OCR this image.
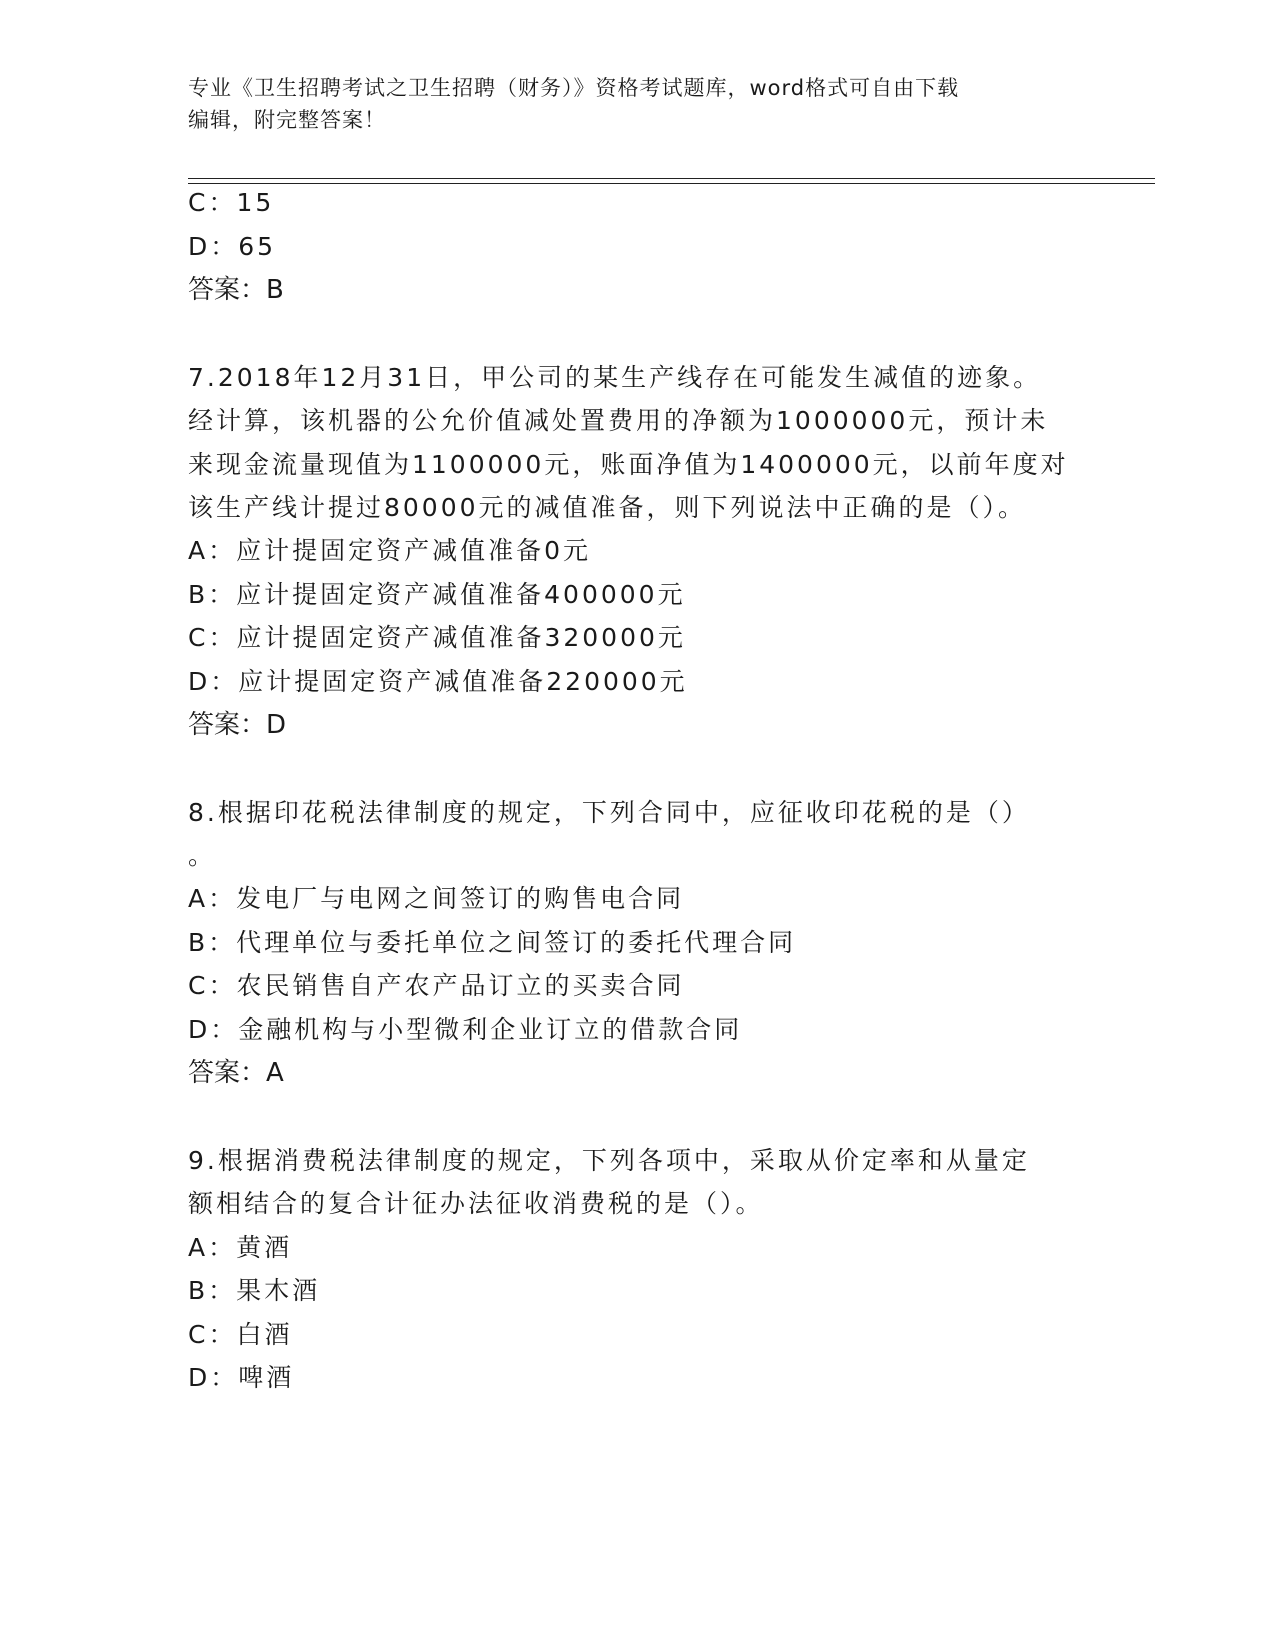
专业《卫生招聘考试之卫生招聘（财务）》资格考试题库，word格式可自由下载
编辑，附完整答案！
C：15
D：65
答案：B
7.2018年12月31日，甲公司的某生产线存在可能发生减值的迹象。
经计算，该机器的公允价值减处置费用的净额为1000000元，预计未
来现金流量现值为1100000元，账面净值为1400000元，以前年度对
该生产线计提过80000元的减值准备，则下列说法中正确的是（）。
A：应计提固定资产减值准备0元
B：应计提固定资产减值准备400000元
C：应计提固定资产减值准备320000元
D：应计提固定资产减值准备220000元
答案：D
8.根据印花税法律制度的规定，下列合同中，应征收印花税的是（）
。
A：发电厂与电网之间签订的购售电合同
B：代理单位与委托单位之间签订的委托代理合同
C：农民销售自产农产品订立的买卖合同
D：金融机构与小型微利企业订立的借款合同
答案：A
9.根据消费税法律制度的规定，下列各项中，采取从价定率和从量定
额相结合的复合计征办法征收消费税的是（）。
A：黄酒
B：果木酒
C：白酒
D：啤酒
